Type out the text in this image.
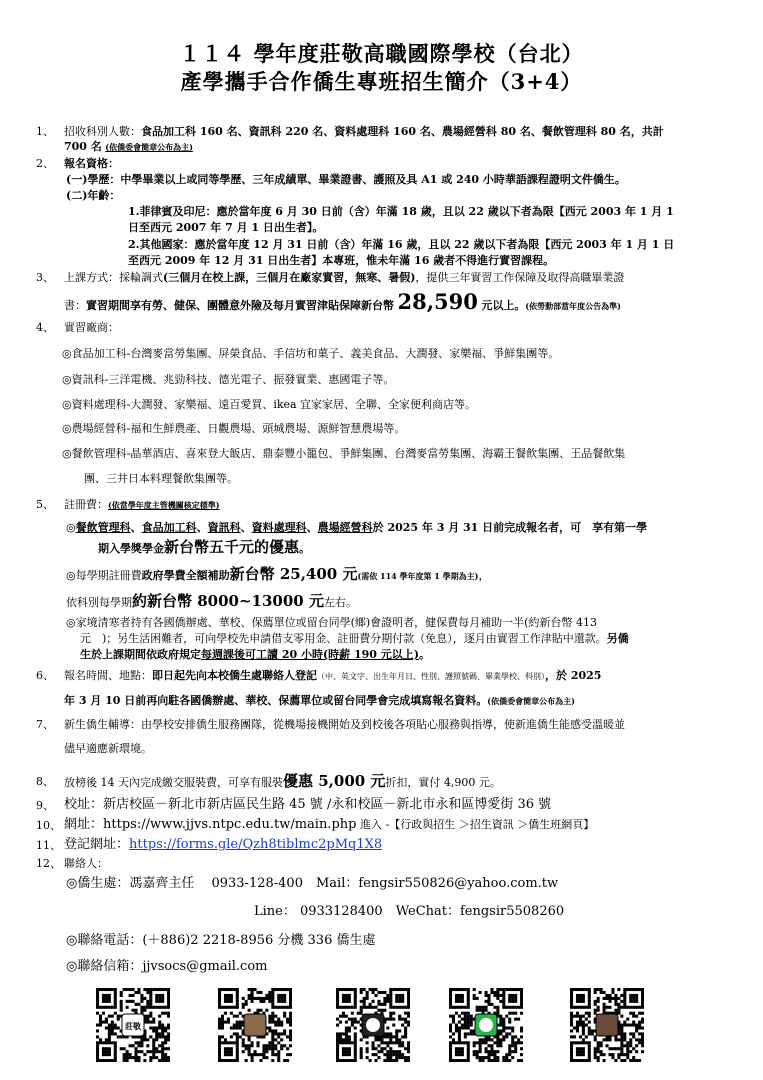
１１４ 學年度莊敬高職國際學校（台北）
產學攜手合作僑生專班招生簡介（3+4）
1、 招收科別人數：食品加工科 160 名、資訊科 220 名、資料處理科 160 名、農場經營科 80 名、餐飲管理科 80 名，共計
700 名 (依僑委會簡章公布為主)
2、 報名資格：
(一)學歷：中學畢業以上或同等學歷、三年成績單、畢業證書、護照及具 A1 或 240 小時華語課程證明文件僑生。
(二)年齡：
1.菲律賓及印尼：應於當年度 6 月 30 日前（含）年滿 18 歲，且以 22 歲以下者為限【西元 2003 年 1 月 1
日至西元 2007 年 7 月 1 日出生者】。
2.其他國家：應於當年度 12 月 31 日前（含）年滿 16 歲，且以 22 歲以下者為限【西元 2003 年 1 月 1 日
至西元 2009 年 12 月 31 日出生者】本專班，惟未年滿 16 歲者不得進行實習課程。
3、 上課方式：採輪調式(三個月在校上課，三個月在廠家實習，無寒、暑假)，提供三年實習工作保障及取得高職畢業證
書：實習期間享有勞、健保、團體意外險及每月實習津貼保障新台幣 28,590 元以上。(依勞動部當年度公告為準)
4、 實習廠商：
◎食品加工科-台灣麥當勞集團、屏榮食品、手信坊和菓子、義美食品、大潤發、家樂福、爭鮮集團等。
◎資訊科-三洋電機、兆勁科技、德光電子、振發實業、惠國電子等。
◎資料處理科-大潤發、家樂福、遠百愛買、ikea 宜家家居、全聯、全家便利商店等。
◎農場經營科-福和生鮮農產、日觀農場、頭城農場、源鮮智慧農場等。
◎餐飲管理科-晶華酒店、喜來登大飯店、鼎泰豐小籠包、爭鮮集團、台灣麥當勞集團、海霸王餐飲集團、王品餐飲集
團、三井日本料理餐飲集團等。
5、 註冊費：(依當學年度主管機關核定標準)
◎餐飲管理科、食品加工科、資訊科、資料處理科、農場經營科於 2025 年 3 月 31 日前完成報名者，可　享有第一學
期入學獎學金新台幣五千元的優惠。
◎每學期註冊費政府學費全額補助新台幣 25,400 元(需依 114 學年度第 1 學期為主)，
依科別每學期約新台幣 8000~13000 元左右。
◎家境清寒者持有各國僑辦處、華校、保薦單位或留台同學(鄉)會證明者，健保費每月補助一半(約新台幣 413
元　)；另生活困難者，可向學校先申請借支零用金、註冊費分期付款（免息），逐月由實習工作津貼中還款。另僑
生於上課期間依政府規定每週課後可工讀 20 小時(時薪 190 元以上)。
6、 報名時間、地點：即日起先向本校僑生處聯絡人登記（中、英文字、出生年月日、性別、護照號碼、畢業學校、科別），於 2025
年 3 月 10 日前再向駐各國僑辦處、華校、保薦單位或留台同學會完成填寫報名資料。(依僑委會簡章公布為主)
7、 新生僑生輔導：由學校安排僑生服務團隊，從機場接機開始及到校後各項貼心服務與指導，使新進僑生能感受溫暖並
儘早適應新環境。
8、 放榜後 14 天內完成繳交服裝費，可享有服裝優惠 5,000 元折扣，實付 4,900 元。
9、 校址：新店校區－新北市新店區民生路 45 號 /永和校區－新北市永和區博愛街 36 號
10、 網址：https://www.jjvs.ntpc.edu.tw/main.php 進入 -【行政與招生 ＞招生資訊 ＞僑生班網頁】
11、 登記網址：https://forms.gle/Qzh8tiblmc2pMq1X8
12、 聯絡人：
◎僑生處：馮嘉齊主任　 0933-128-400　Mail：fengsir550826@yahoo.com.tw
Line： 0933128400　WeChat：fengsir5508260
◎聯絡電話：(＋886)2 2218-8956 分機 336 僑生處
◎聯絡信箱：jjvsocs@gmail.com
莊敬
